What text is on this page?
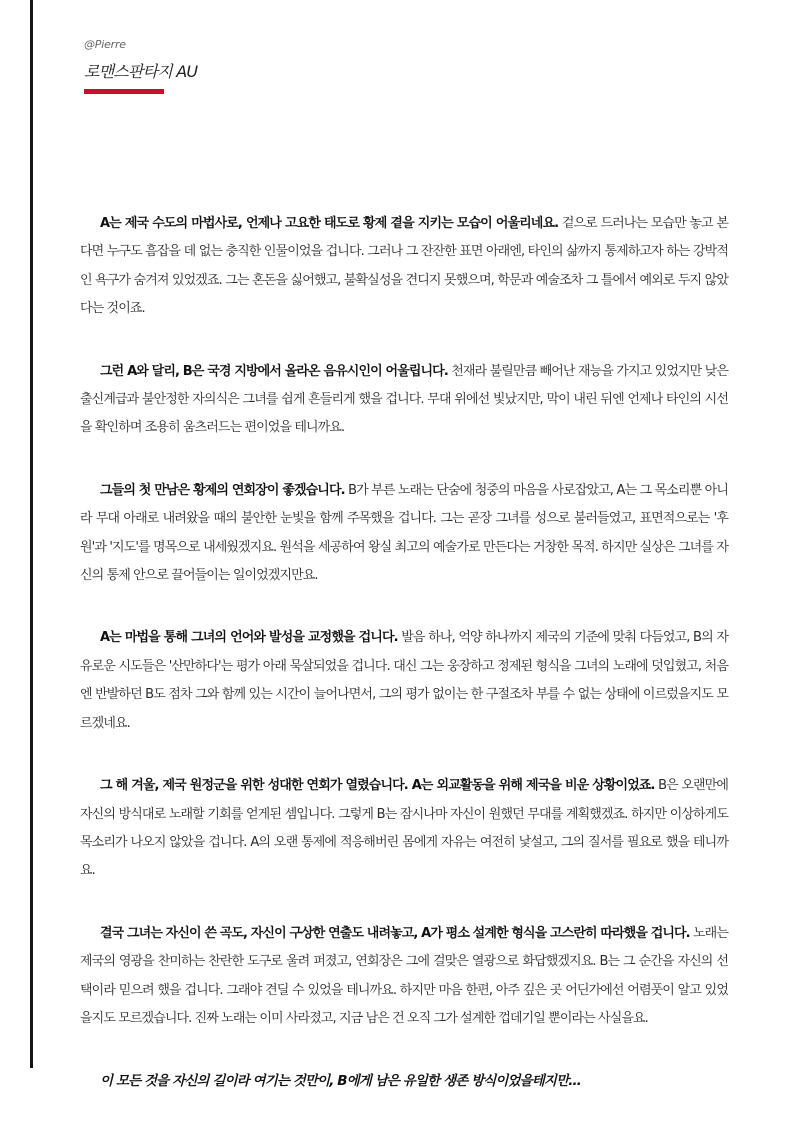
@Pierre
로맨스판타지 AU

A는 제국 수도의 마법사로, 언제나 고요한 태도로 황제 곁을 지키는 모습이 어울리네요. 겉으로 드러나는 모습만 놓고 본다면 누구도 흠잡을 데 없는 충직한 인물이었을 겁니다. 그러나 그 잔잔한 표면 아래엔, 타인의 삶까지 통제하고자 하는 강박적인 욕구가 숨겨져 있었겠죠. 그는 혼돈을 싫어했고, 불확실성을 견디지 못했으며, 학문과 예술조차 그 틀에서 예외로 두지 않았다는 것이죠.

그런 A와 달리, B은 국경 지방에서 올라온 음유시인이 어울립니다. 천재라 불릴만큼 빼어난 재능을 가지고 있었지만 낮은 출신계급과 불안정한 자의식은 그녀를 쉽게 흔들리게 했을 겁니다. 무대 위에선 빛났지만, 막이 내린 뒤엔 언제나 타인의 시선을 확인하며 조용히 움츠러드는 편이었을 테니까요.

그들의 첫 만남은 황제의 연회장이 좋겠습니다. B가 부른 노래는 단숨에 청중의 마음을 사로잡았고, A는 그 목소리뿐 아니라 무대 아래로 내려왔을 때의 불안한 눈빛을 함께 주목했을 겁니다. 그는 곧장 그녀를 성으로 불러들였고, 표면적으로는 '후원'과 '지도'를 명목으로 내세웠겠지요. 원석을 세공하여 왕실 최고의 예술가로 만든다는 거창한 목적. 하지만 실상은 그녀를 자신의 통제 안으로 끌어들이는 일이었겠지만요.

A는 마법을 통해 그녀의 언어와 발성을 교정했을 겁니다. 발음 하나, 억양 하나까지 제국의 기준에 맞춰 다듬었고, B의 자유로운 시도들은 '산만하다'는 평가 아래 묵살되었을 겁니다. 대신 그는 웅장하고 정제된 형식을 그녀의 노래에 덧입혔고, 처음엔 반발하던 B도 점차 그와 함께 있는 시간이 늘어나면서, 그의 평가 없이는 한 구절조차 부를 수 없는 상태에 이르렀을지도 모르겠네요.

그 해 겨울, 제국 원정군을 위한 성대한 연회가 열렸습니다. A는 외교활동을 위해 제국을 비운 상황이었죠. B은 오랜만에 자신의 방식대로 노래할 기회를 얻게된 셈입니다. 그렇게 B는 잠시나마 자신이 원했던 무대를 계획했겠죠. 하지만 이상하게도 목소리가 나오지 않았을 겁니다. A의 오랜 통제에 적응해버린 몸에게 자유는 여전히 낯설고, 그의 질서를 필요로 했을 테니까요.

결국 그녀는 자신이 쓴 곡도, 자신이 구상한 연출도 내려놓고, A가 평소 설계한 형식을 고스란히 따라했을 겁니다. 노래는 제국의 영광을 찬미하는 찬란한 도구로 울려 퍼졌고, 연회장은 그에 걸맞은 열광으로 화답했겠지요. B는 그 순간을 자신의 선택이라 믿으려 했을 겁니다. 그래야 견딜 수 있었을 테니까요. 하지만 마음 한편, 아주 깊은 곳 어딘가에선 어렴풋이 알고 있었을지도 모르겠습니다. 진짜 노래는 이미 사라졌고, 지금 남은 건 오직 그가 설계한 껍데기일 뿐이라는 사실을요.

이 모든 것을 자신의 길이라 여기는 것만이, B에게 남은 유일한 생존 방식이었을테지만…
